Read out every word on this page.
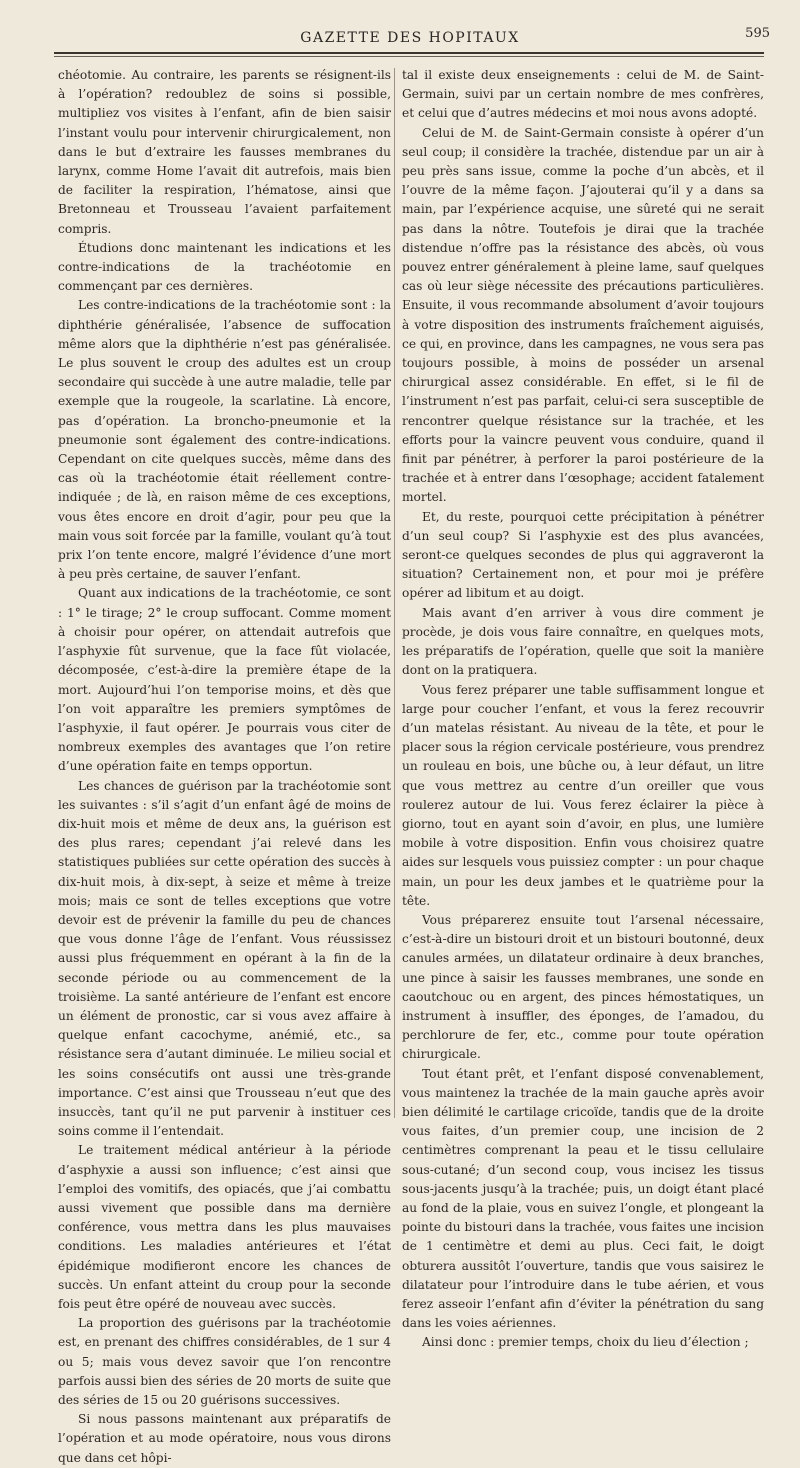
GAZETTE DES HOPITAUX	595

chéotomie. Au contraire, les parents se résignent-ils à l’opération? redoublez de soins si possible, multipliez vos visites à l’enfant, afin de bien saisir l’instant voulu pour intervenir chirurgicalement, non dans le but d’extraire les fausses membranes du larynx, comme Home l’avait dit autrefois, mais bien de faciliter la respiration, l’hématose, ainsi que Bretonneau et Trousseau l’avaient parfaitement compris.

Étudions donc maintenant les indications et les contre-indications de la trachéotomie en commençant par ces dernières.

Les contre-indications de la trachéotomie sont : la diphthérie généralisée, l’absence de suffocation même alors que la diphthérie n’est pas généralisée. Le plus souvent le croup des adultes est un croup secondaire qui succède à une autre maladie, telle par exemple que la rougeole, la scarlatine. Là encore, pas d’opération. La broncho-pneumonie et la pneumonie sont également des contre-indications. Cependant on cite quelques succès, même dans des cas où la trachéotomie était réellement contre-indiquée ; de là, en raison même de ces exceptions, vous êtes encore en droit d’agir, pour peu que la main vous soit forcée par la famille, voulant qu’à tout prix l’on tente encore, malgré l’évidence d’une mort à peu près certaine, de sauver l’enfant.

Quant aux indications de la trachéotomie, ce sont : 1° le tirage; 2° le croup suffocant. Comme moment à choisir pour opérer, on attendait autrefois que l’asphyxie fût survenue, que la face fût violacée, décomposée, c’est-à-dire la première étape de la mort. Aujourd’hui l’on temporise moins, et dès que l’on voit apparaître les premiers symptômes de l’asphyxie, il faut opérer. Je pourrais vous citer de nombreux exemples des avantages que l’on retire d’une opération faite en temps opportun.

Les chances de guérison par la trachéotomie sont les suivantes : s’il s’agit d’un enfant âgé de moins de dix-huit mois et même de deux ans, la guérison est des plus rares; cependant j’ai relevé dans les statistiques publiées sur cette opération des succès à dix-huit mois, à dix-sept, à seize et même à treize mois; mais ce sont de telles exceptions que votre devoir est de prévenir la famille du peu de chances que vous donne l’âge de l’enfant. Vous réussissez aussi plus fréquemment en opérant à la fin de la seconde période ou au commencement de la troisième. La santé antérieure de l’enfant est encore un élément de pronostic, car si vous avez affaire à quelque enfant cacochyme, anémié, etc., sa résistance sera d’autant diminuée. Le milieu social et les soins consécutifs ont aussi une très-grande importance. C’est ainsi que Trousseau n’eut que des insuccès, tant qu’il ne put parvenir à instituer ces soins comme il l’entendait.

Le traitement médical antérieur à la période d’asphyxie a aussi son influence; c’est ainsi que l’emploi des vomitifs, des opiacés, que j’ai combattu aussi vivement que possible dans ma dernière conférence, vous mettra dans les plus mauvaises conditions. Les maladies antérieures et l’état épidémique modifieront encore les chances de succès. Un enfant atteint du croup pour la seconde fois peut être opéré de nouveau avec succès.

La proportion des guérisons par la trachéotomie est, en prenant des chiffres considérables, de 1 sur 4 ou 5; mais vous devez savoir que l’on rencontre parfois aussi bien des séries de 20 morts de suite que des séries de 15 ou 20 guérisons successives.

Si nous passons maintenant aux préparatifs de l’opération et au mode opératoire, nous vous dirons que dans cet hôpi-

tal il existe deux enseignements : celui de M. de Saint-Germain, suivi par un certain nombre de mes confrères, et celui que d’autres médecins et moi nous avons adopté.

Celui de M. de Saint-Germain consiste à opérer d’un seul coup; il considère la trachée, distendue par un air à peu près sans issue, comme la poche d’un abcès, et il l’ouvre de la même façon. J’ajouterai qu’il y a dans sa main, par l’expérience acquise, une sûreté qui ne serait pas dans la nôtre. Toutefois je dirai que la trachée distendue n’offre pas la résistance des abcès, où vous pouvez entrer généralement à pleine lame, sauf quelques cas où leur siège nécessite des précautions particulières. Ensuite, il vous recommande absolument d’avoir toujours à votre disposition des instruments fraîchement aiguisés, ce qui, en province, dans les campagnes, ne vous sera pas toujours possible, à moins de posséder un arsenal chirurgical assez considérable. En effet, si le fil de l’instrument n’est pas parfait, celui-ci sera susceptible de rencontrer quelque résistance sur la trachée, et les efforts pour la vaincre peuvent vous conduire, quand il finit par pénétrer, à perforer la paroi postérieure de la trachée et à entrer dans l’œsophage; accident fatalement mortel.

Et, du reste, pourquoi cette précipitation à pénétrer d’un seul coup? Si l’asphyxie est des plus avancées, seront-ce quelques secondes de plus qui aggraveront la situation? Certainement non, et pour moi je préfère opérer ad libitum et au doigt.

Mais avant d’en arriver à vous dire comment je procède, je dois vous faire connaître, en quelques mots, les préparatifs de l’opération, quelle que soit la manière dont on la pratiquera.

Vous ferez préparer une table suffisamment longue et large pour coucher l’enfant, et vous la ferez recouvrir d’un matelas résistant. Au niveau de la tête, et pour le placer sous la région cervicale postérieure, vous prendrez un rouleau en bois, une bûche ou, à leur défaut, un litre que vous mettrez au centre d’un oreiller que vous roulerez autour de lui. Vous ferez éclairer la pièce à giorno, tout en ayant soin d’avoir, en plus, une lumière mobile à votre disposition. Enfin vous choisirez quatre aides sur lesquels vous puissiez compter : un pour chaque main, un pour les deux jambes et le quatrième pour la tête.

Vous préparerez ensuite tout l’arsenal nécessaire, c’est-à-dire un bistouri droit et un bistouri boutonné, deux canules armées, un dilatateur ordinaire à deux branches, une pince à saisir les fausses membranes, une sonde en caoutchouc ou en argent, des pinces hémostatiques, un instrument à insuffler, des éponges, de l’amadou, du perchlorure de fer, etc., comme pour toute opération chirurgicale.

Tout étant prêt, et l’enfant disposé convenablement, vous maintenez la trachée de la main gauche après avoir bien délimité le cartilage cricoïde, tandis que de la droite vous faites, d’un premier coup, une incision de 2 centimètres comprenant la peau et le tissu cellulaire sous-cutané; d’un second coup, vous incisez les tissus sous-jacents jusqu’à la trachée; puis, un doigt étant placé au fond de la plaie, vous en suivez l’ongle, et plongeant la pointe du bistouri dans la trachée, vous faites une incision de 1 centimètre et demi au plus. Ceci fait, le doigt obturera aussitôt l’ouverture, tandis que vous saisirez le dilatateur pour l’introduire dans le tube aérien, et vous ferez asseoir l’enfant afin d’éviter la pénétration du sang dans les voies aériennes.

Ainsi donc : premier temps, choix du lieu d’élection ;
